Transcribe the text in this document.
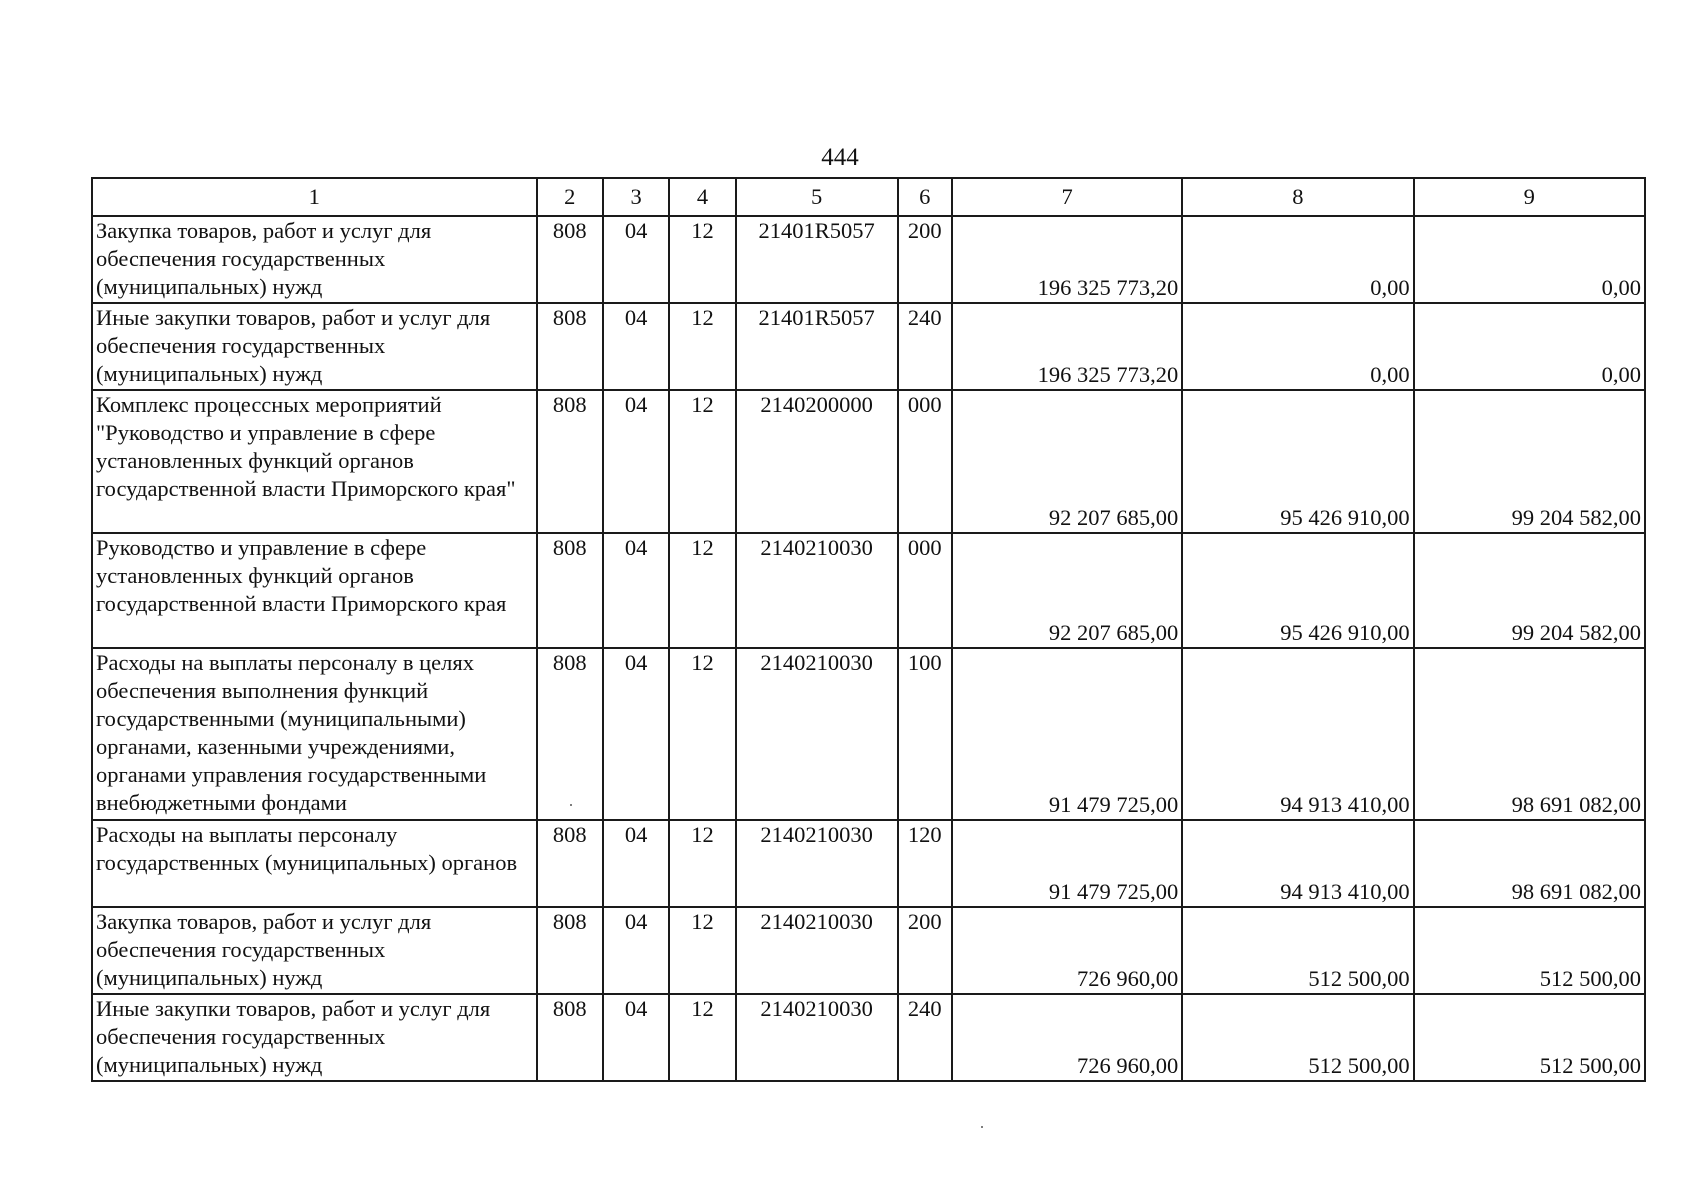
444
1	2	3	4	5	6	7	8	9
Закупка товаров, работ и услуг для обеспечения государственных (муниципальных) нужд	808	04	12	21401R5057	200	196 325 773,20	0,00	0,00
Иные закупки товаров, работ и услуг для обеспечения государственных (муниципальных) нужд	808	04	12	21401R5057	240	196 325 773,20	0,00	0,00
Комплекс процессных мероприятий "Руководство и управление в сфере установленных функций органов государственной власти Приморского края"	808	04	12	2140200000	000	92 207 685,00	95 426 910,00	99 204 582,00
Руководство и управление в сфере установленных функций органов государственной власти Приморского края	808	04	12	2140210030	000	92 207 685,00	95 426 910,00	99 204 582,00
Расходы на выплаты персоналу в целях обеспечения выполнения функций государственными (муниципальными) органами, казенными учреждениями, органами управления государственными внебюджетными фондами	808	04	12	2140210030	100	91 479 725,00	94 913 410,00	98 691 082,00
Расходы на выплаты персоналу государственных (муниципальных) органов	808	04	12	2140210030	120	91 479 725,00	94 913 410,00	98 691 082,00
Закупка товаров, работ и услуг для обеспечения государственных (муниципальных) нужд	808	04	12	2140210030	200	726 960,00	512 500,00	512 500,00
Иные закупки товаров, работ и услуг для обеспечения государственных (муниципальных) нужд	808	04	12	2140210030	240	726 960,00	512 500,00	512 500,00
